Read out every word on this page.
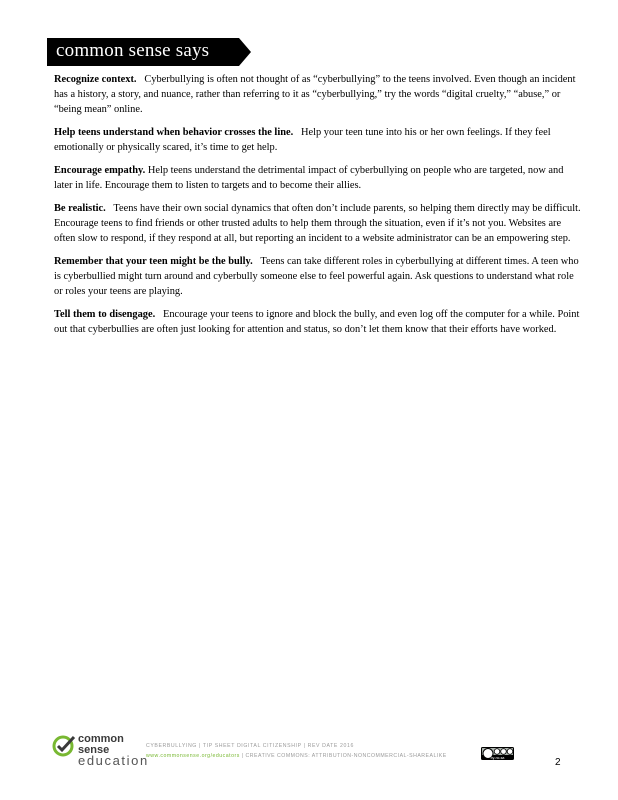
common sense says

Recognize context. Cyberbullying is often not thought of as “cyberbullying” to the teens involved. Even though an incident has a history, a story, and nuance, rather than referring to it as “cyberbullying,” try the words “digital cruelty,” “abuse,” or “being mean” online.

Help teens understand when behavior crosses the line. Help your teen tune into his or her own feelings. If they feel emotionally or physically scared, it’s time to get help.

Encourage empathy. Help teens understand the detrimental impact of cyberbullying on people who are targeted, now and later in life. Encourage them to listen to targets and to become their allies.

Be realistic. Teens have their own social dynamics that often don’t include parents, so helping them directly may be difficult. Encourage teens to find friends or other trusted adults to help them through the situation, even if it’s not you. Websites are often slow to respond, if they respond at all, but reporting an incident to a website administrator can be an empowering step.

Remember that your teen might be the bully. Teens can take different roles in cyberbullying at different times. A teen who is cyberbullied might turn around and cyberbully someone else to feel powerful again. Ask questions to understand what role or roles your teens are playing.

Tell them to disengage. Encourage your teens to ignore and block the bully, and even log off the computer for a while. Point out that cyberbullies are often just looking for attention and status, so don’t let them know that their efforts have worked.

common
sense
education
CYBERBULLYING | TIP SHEET DIGITAL CITIZENSHIP | REV DATE 2016
www.commonsense.org/educators | CREATIVE COMMONS: ATTRIBUTION-NONCOMMERCIAL-SHAREALIKE	by-nc-sa	2
